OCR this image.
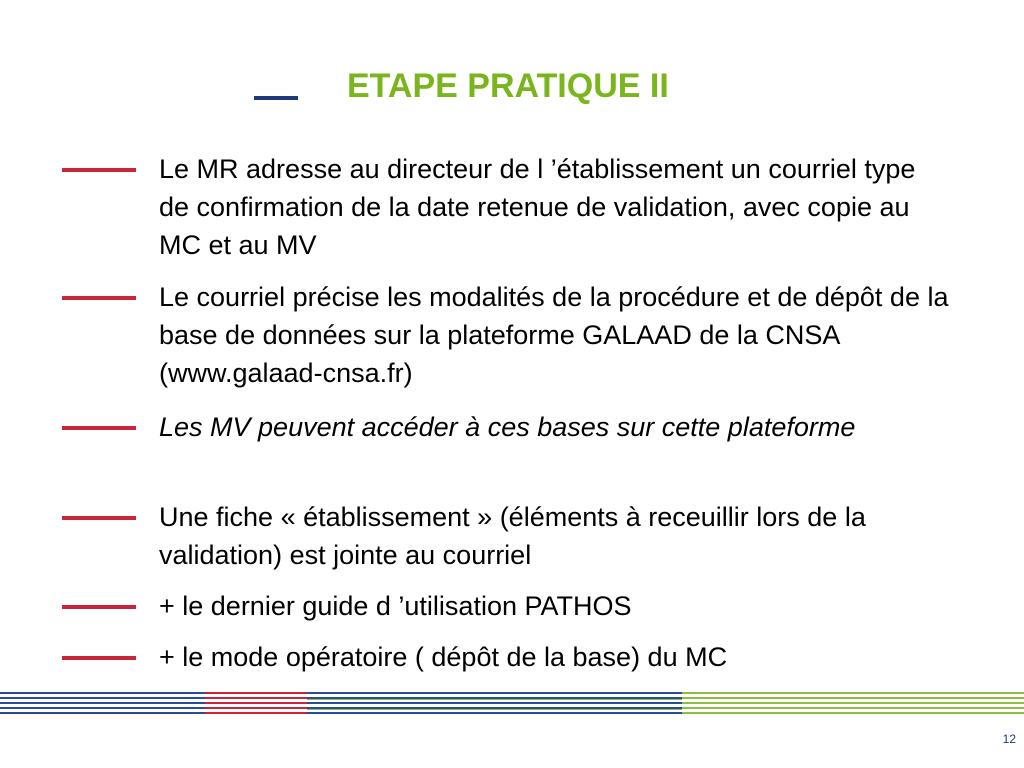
ETAPE PRATIQUE II
Le MR adresse au directeur de l ’établissement un courriel type de confirmation de la date retenue de validation, avec copie au MC et au MV
Le courriel précise les modalités de la procédure et de dépôt de la base de données sur la plateforme GALAAD de la CNSA (www.galaad-cnsa.fr)
Les MV peuvent accéder à ces bases sur cette plateforme
Une fiche « établissement » (éléments à receuillir lors de la validation) est jointe au courriel
+ le dernier guide d ’utilisation PATHOS
+ le mode opératoire ( dépôt de la base) du MC
12
